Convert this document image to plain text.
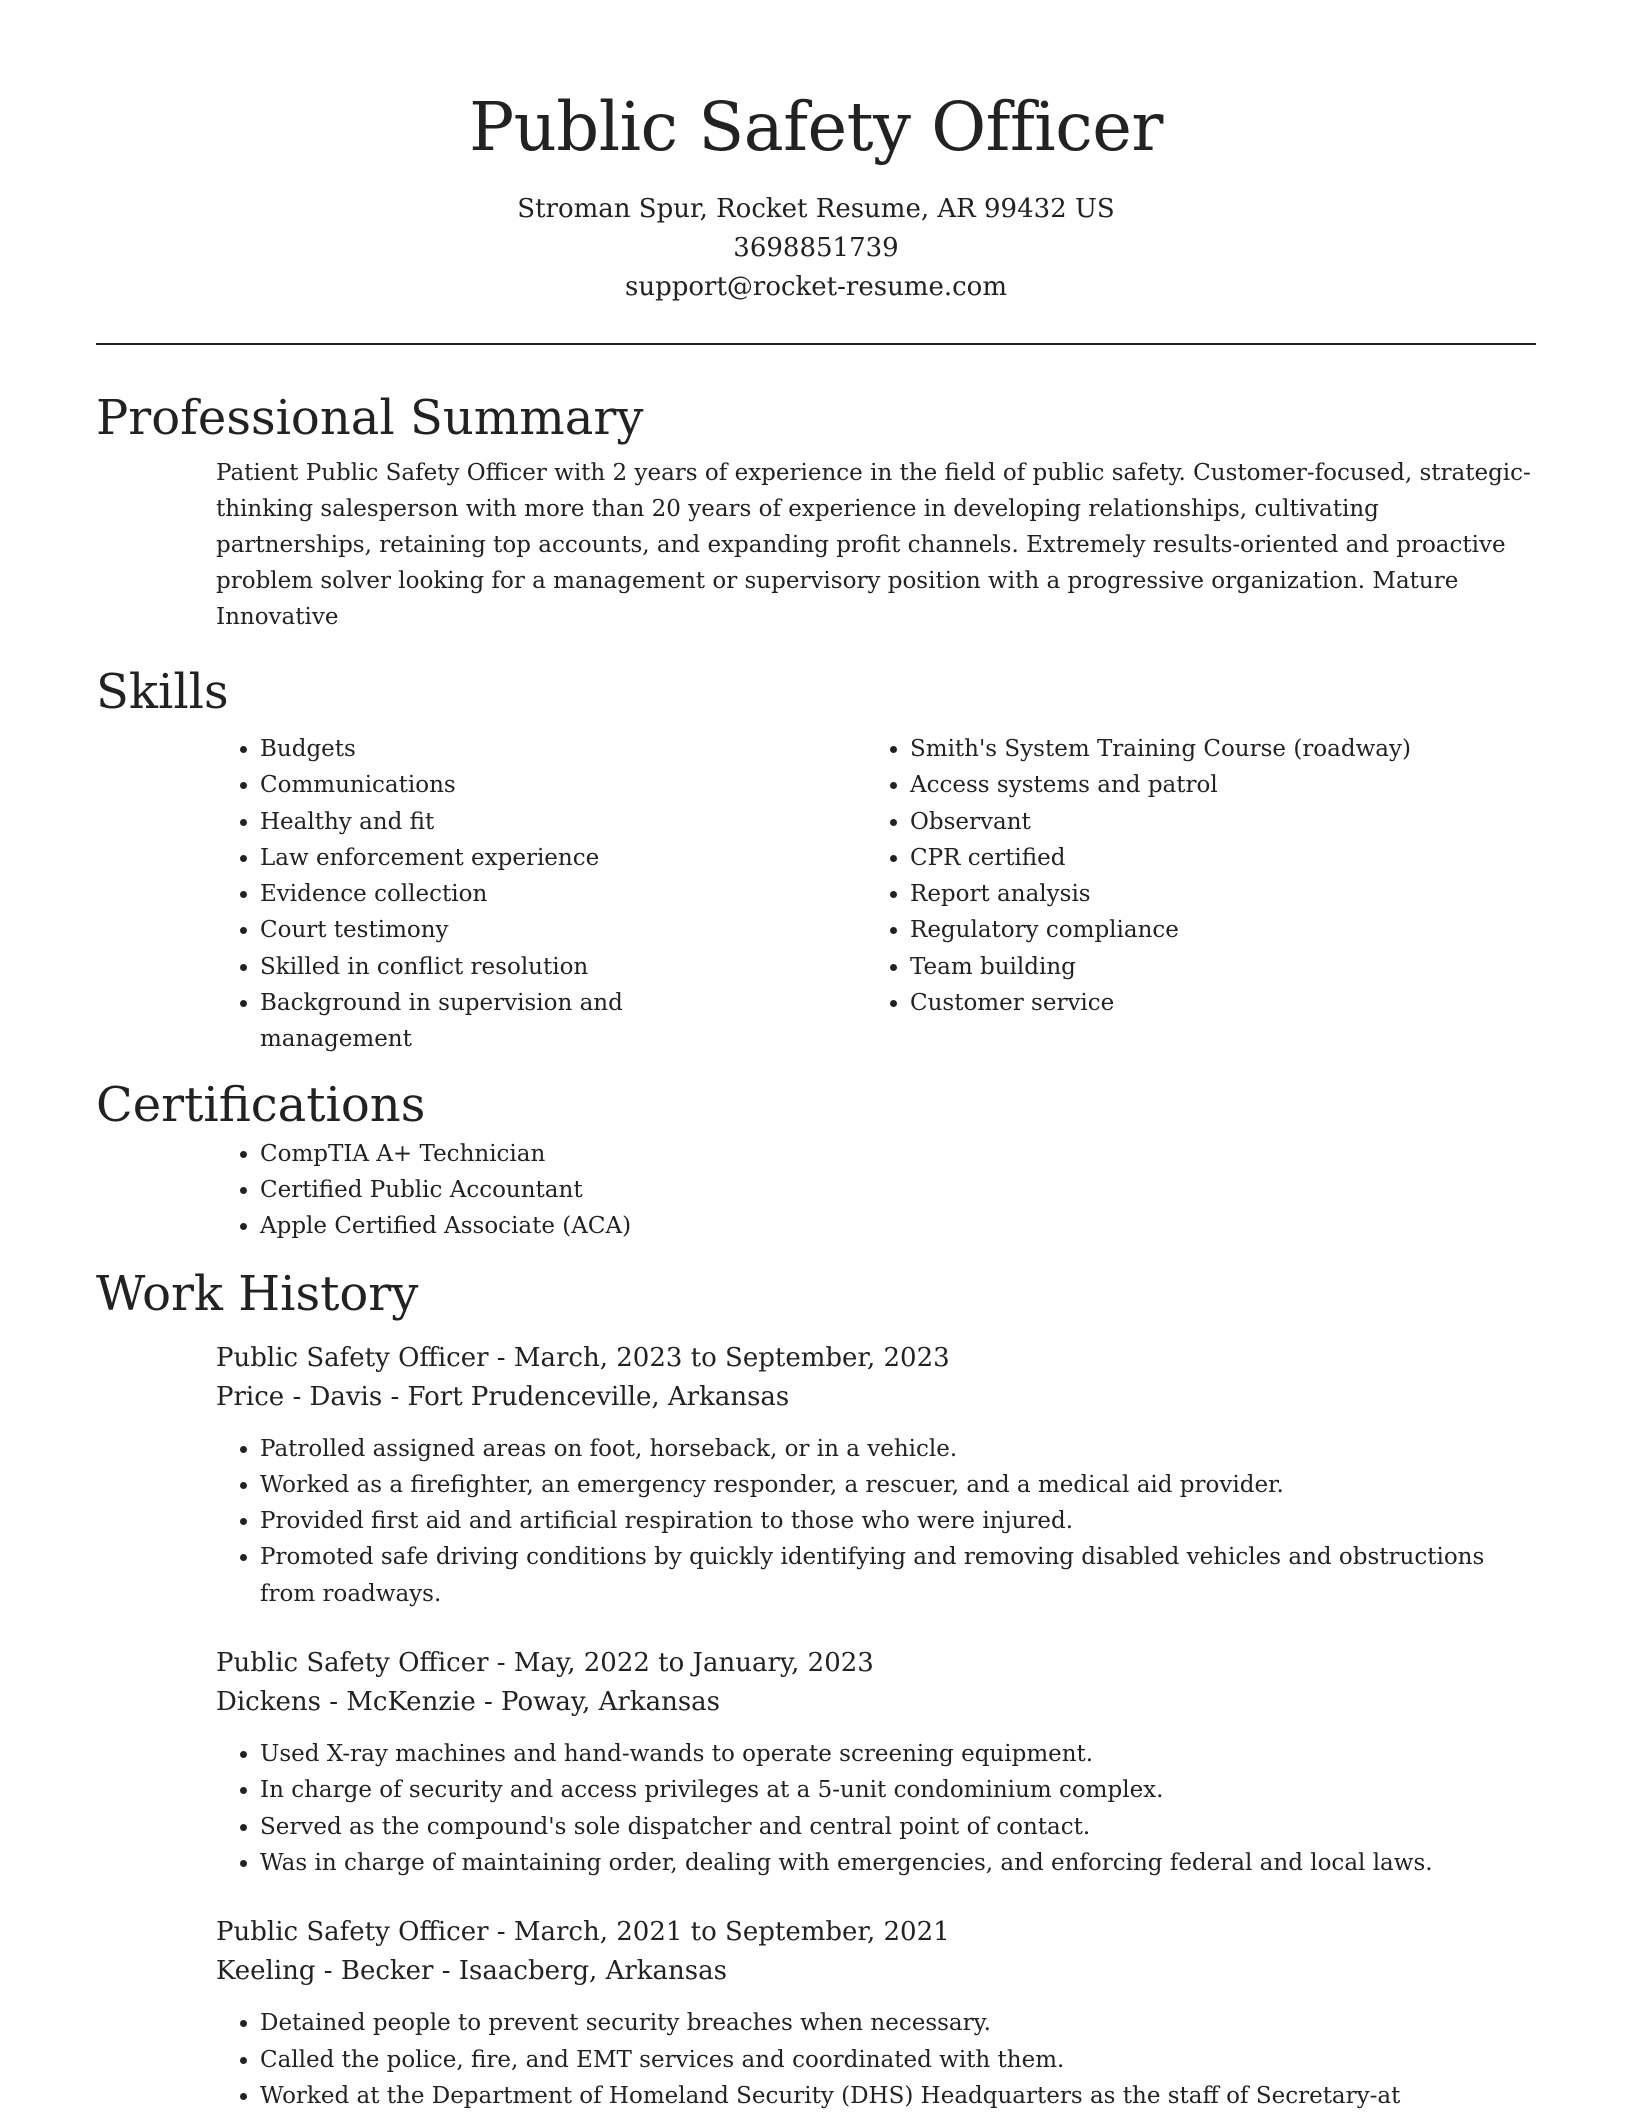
Public Safety Officer
Stroman Spur, Rocket Resume, AR 99432 US
3698851739
support@rocket-resume.com
Professional Summary

Patient Public Safety Officer with 2 years of experience in the field of public safety. Customer-focused, strategic-thinking salesperson with more than 20 years of experience in developing relationships, cultivating partnerships, retaining top accounts, and expanding profit channels. Extremely results-oriented and proactive problem solver looking for a management or supervisory position with a progressive organization. Mature Innovative

Skills
• Budgets
• Communications
• Healthy and fit
• Law enforcement experience
• Evidence collection
• Court testimony
• Skilled in conflict resolution
• Background in supervision and management
• Smith's System Training Course (roadway)
• Access systems and patrol
• Observant
• CPR certified
• Report analysis
• Regulatory compliance
• Team building
• Customer service
Certifications
• CompTIA A+ Technician
• Certified Public Accountant
• Apple Certified Associate (ACA)
Work History
Public Safety Officer - March, 2023 to September, 2023
Price - Davis - Fort Prudenceville, Arkansas
• Patrolled assigned areas on foot, horseback, or in a vehicle.
• Worked as a firefighter, an emergency responder, a rescuer, and a medical aid provider.
• Provided first aid and artificial respiration to those who were injured.
• Promoted safe driving conditions by quickly identifying and removing disabled vehicles and obstructions from roadways.
Public Safety Officer - May, 2022 to January, 2023
Dickens - McKenzie - Poway, Arkansas
• Used X-ray machines and hand-wands to operate screening equipment.
• In charge of security and access privileges at a 5-unit condominium complex.
• Served as the compound's sole dispatcher and central point of contact.
• Was in charge of maintaining order, dealing with emergencies, and enforcing federal and local laws.
Public Safety Officer - March, 2021 to September, 2021
Keeling - Becker - Isaacberg, Arkansas
• Detained people to prevent security breaches when necessary.
• Called the police, fire, and EMT services and coordinated with them.
• Worked at the Department of Homeland Security (DHS) Headquarters as the staff of Secretary-at
